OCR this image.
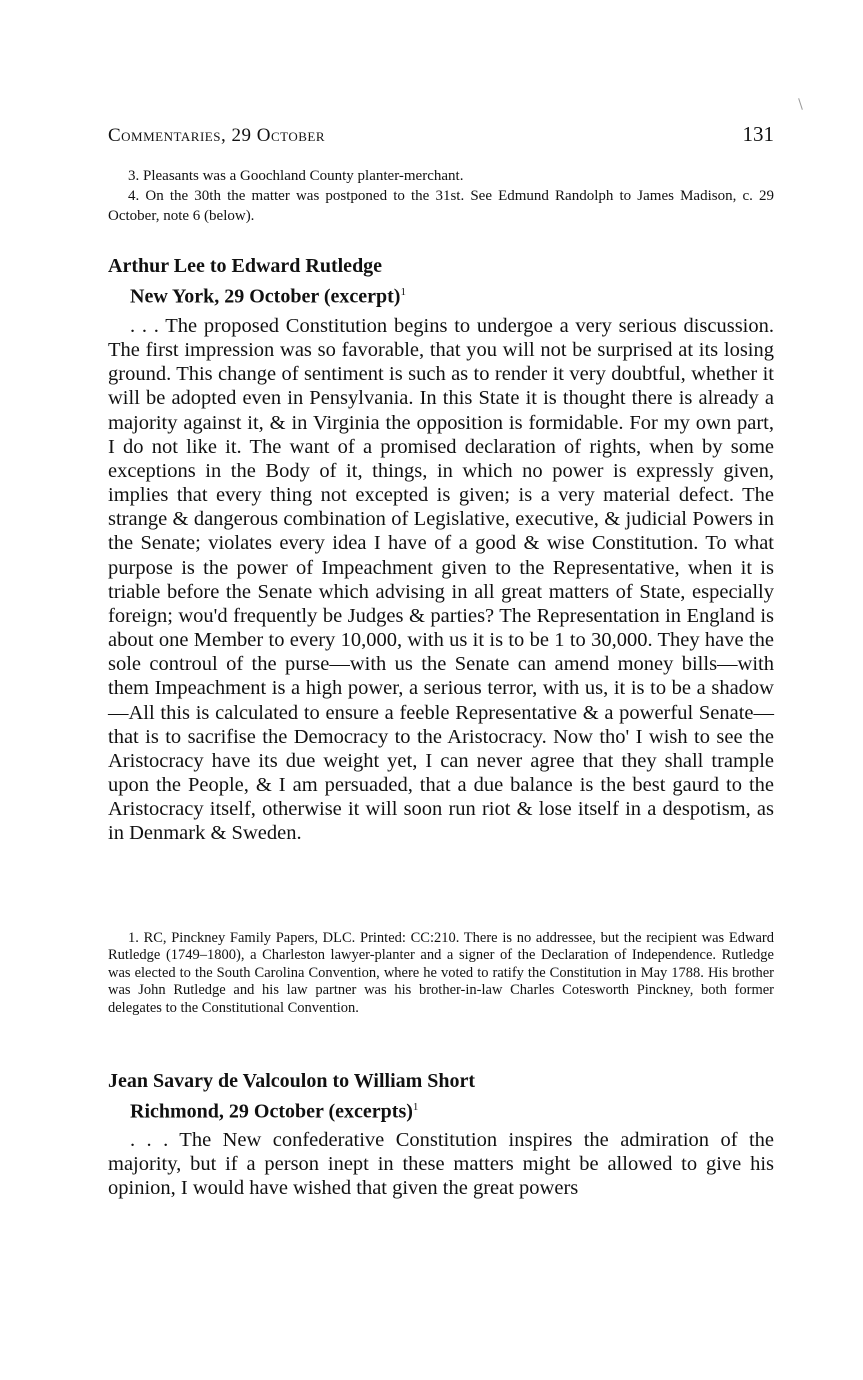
Commentaries, 29 October	131

3. Pleasants was a Goochland County planter-merchant.

4. On the 30th the matter was postponed to the 31st. See Edmund Randolph to James Madison, c. 29 October, note 6 (below).

Arthur Lee to Edward Rutledge
New York, 29 October (excerpt)$^1$

. . . The proposed Constitution begins to undergoe a very serious discussion. The first impression was so favorable, that you will not be surprised at its losing ground. This change of sentiment is such as to render it very doubtful, whether it will be adopted even in Pensylvania. In this State it is thought there is already a majority against it, & in Virginia the opposition is formidable. For my own part, I do not like it. The want of a promised declaration of rights, when by some exceptions in the Body of it, things, in which no power is expressly given, implies that every thing not excepted is given; is a very material defect. The strange & dangerous combination of Legislative, executive, & judicial Powers in the Senate; violates every idea I have of a good & wise Constitution. To what purpose is the power of Impeachment given to the Representative, when it is triable before the Senate which advising in all great matters of State, especially foreign; wou'd frequently be Judges & parties? The Representation in England is about one Member to every 10,000, with us it is to be 1 to 30,000. They have the sole controul of the purse—with us the Senate can amend money bills—with them Impeachment is a high power, a serious terror, with us, it is to be a shadow—All this is calculated to ensure a feeble Representative & a powerful Senate—that is to sacrifise the Democracy to the Aristocracy. Now tho' I wish to see the Aristocracy have its due weight yet, I can never agree that they shall trample upon the People, & I am persuaded, that a due balance is the best gaurd to the Aristocracy itself, otherwise it will soon run riot & lose itself in a despotism, as in Denmark & Sweden.

1. RC, Pinckney Family Papers, DLC. Printed: CC:210. There is no addressee, but the recipient was Edward Rutledge (1749–1800), a Charleston lawyer-planter and a signer of the Declaration of Independence. Rutledge was elected to the South Carolina Convention, where he voted to ratify the Constitution in May 1788. His brother was John Rutledge and his law partner was his brother-in-law Charles Cotesworth Pinckney, both former delegates to the Constitutional Convention.

Jean Savary de Valcoulon to William Short
Richmond, 29 October (excerpts)$^1$

. . . The New confederative Constitution inspires the admiration of the majority, but if a person inept in these matters might be allowed to give his opinion, I would have wished that given the great powers
